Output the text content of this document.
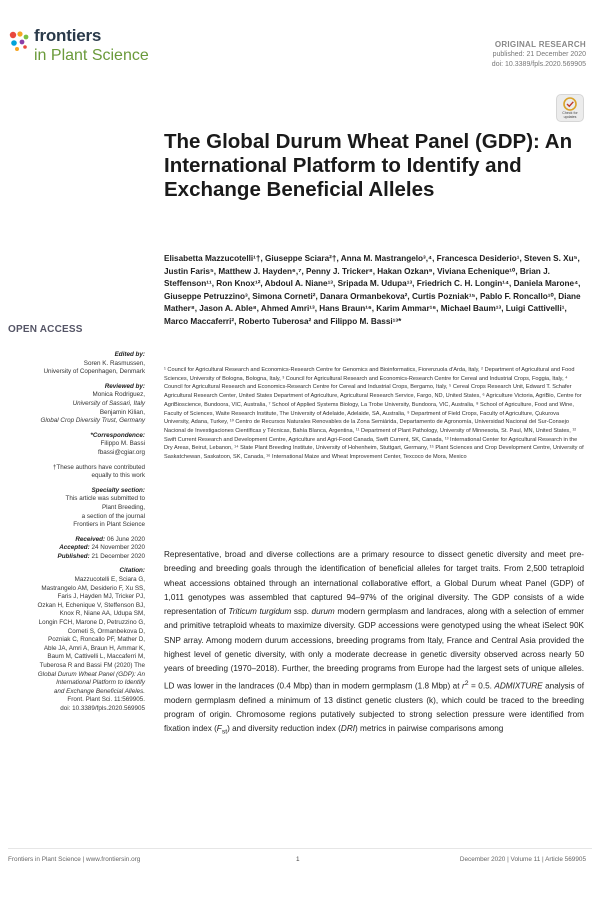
frontiers
in Plant Science
ORIGINAL RESEARCH
published: 21 December 2020
doi: 10.3389/fpls.2020.569905
Check for updates
The Global Durum Wheat Panel (GDP): An International Platform to Identify and Exchange Beneficial Alleles
Elisabetta Mazzucotelli¹†, Giuseppe Sciara²†, Anna M. Mastrangelo³,⁴, Francesca Desiderio¹, Steven S. Xu⁵, Justin Faris⁵, Matthew J. Hayden⁶,⁷, Penny J. Tricker⁸, Hakan Ozkan⁹, Viviana Echenique¹⁰, Brian J. Steffenson¹¹, Ron Knox¹², Abdoul A. Niane¹³, Sripada M. Udupa¹³, Friedrich C. H. Longin¹⁴, Daniela Marone⁴, Giuseppe Petruzzino³, Simona Corneti², Danara Ormanbekova², Curtis Pozniak¹⁵, Pablo F. Roncallo¹⁰, Diane Mather⁸, Jason A. Able⁸, Ahmed Amri¹³, Hans Braun¹⁶, Karim Ammar¹⁶, Michael Baum¹³, Luigi Cattivelli¹, Marco Maccaferri², Roberto Tuberosa² and Filippo M. Bassi¹³*
¹ Council for Agricultural Research and Economics-Research Centre for Genomics and Bioinformatics, Fiorenzuola d'Arda, Italy, ² Department of Agricultural and Food Sciences, University of Bologna, Bologna, Italy, ³ Council for Agricultural Research and Economics-Research Centre for Cereal and Industrial Crops, Foggia, Italy, ⁴ Council for Agricultural Research and Economics-Research Centre for Cereal and Industrial Crops, Bergamo, Italy, ⁵ Cereal Crops Research Unit, Edward T. Schafer Agricultural Research Center, United States Department of Agriculture, Agricultural Research Service, Fargo, ND, United States, ⁶ Agriculture Victoria, AgriBio, Centre for AgriBioscience, Bundoora, VIC, Australia, ⁷ School of Applied Systems Biology, La Trobe University, Bundoora, VIC, Australia, ⁸ School of Agriculture, Food and Wine, Faculty of Sciences, Waite Research Institute, The University of Adelaide, Adelaide, SA, Australia, ⁹ Department of Field Crops, Faculty of Agriculture, Çukurova University, Adana, Turkey, ¹⁰ Centro de Recursos Naturales Renovables de la Zona Semiárida, Departamento de Agronomía, Universidad Nacional del Sur-Consejo Nacional de Investigaciones Científicas y Técnicas, Bahía Blanca, Argentina, ¹¹ Department of Plant Pathology, University of Minnesota, St. Paul, MN, United States, ¹² Swift Current Research and Development Centre, Agriculture and Agri-Food Canada, Swift Current, SK, Canada, ¹³ International Center for Agricultural Research in the Dry Areas, Beirut, Lebanon, ¹⁴ State Plant Breeding Institute, University of Hohenheim, Stuttgart, Germany, ¹⁵ Plant Sciences and Crop Development Centre, University of Saskatchewan, Saskatoon, SK, Canada, ¹⁶ International Maize and Wheat Improvement Center, Texcoco de Mora, Mexico
OPEN ACCESS
Edited by:
Soren K. Rasmussen,
University of Copenhagen, Denmark
Reviewed by:
Monica Rodriguez,
University of Sassari, Italy
Benjamin Kilian,
Global Crop Diversity Trust, Germany
*Correspondence:
Filippo M. Bassi
fbassi@cgiar.org
†These authors have contributed
equally to this work
Specialty section:
This article was submitted to
Plant Breeding,
a section of the journal
Frontiers in Plant Science
Received: 06 June 2020
Accepted: 24 November 2020
Published: 21 December 2020
Citation:
Mazzucotelli E, Sciara G,
Mastrangelo AM, Desiderio F, Xu SS,
Faris J, Hayden MJ, Tricker PJ,
Ozkan H, Echenique V, Steffenson BJ,
Knox R, Niane AA, Udupa SM,
Longin FCH, Marone D, Petruzzino G,
Corneti S, Ormanbekova D,
Pozniak C, Roncallo PF, Mather D,
Able JA, Amri A, Braun H, Ammar K,
Baum M, Cattivelli L, Maccaferri M,
Tuberosa R and Bassi FM (2020) The
Global Durum Wheat Panel (GDP): An
International Platform to Identify
and Exchange Beneficial Alleles.
Front. Plant Sci. 11:569905.
doi: 10.3389/fpls.2020.569905

Representative, broad and diverse collections are a primary resource to dissect genetic diversity and meet pre-breeding and breeding goals through the identification of beneficial alleles for target traits. From 2,500 tetraploid wheat accessions obtained through an international collaborative effort, a Global Durum wheat Panel (GDP) of 1,011 genotypes was assembled that captured 94–97% of the original diversity. The GDP consists of a wide representation of Triticum turgidum ssp. durum modern germplasm and landraces, along with a selection of emmer and primitive tetraploid wheats to maximize diversity. GDP accessions were genotyped using the wheat iSelect 90K SNP array. Among modern durum accessions, breeding programs from Italy, France and Central Asia provided the highest level of genetic diversity, with only a moderate decrease in genetic diversity observed across nearly 50 years of breeding (1970–2018). Further, the breeding programs from Europe had the largest sets of unique alleles. LD was lower in the landraces (0.4 Mbp) than in modern germplasm (1.8 Mbp) at $r^2 = 0.5$. ADMIXTURE analysis of modern germplasm defined a minimum of 13 distinct genetic clusters (k), which could be traced to the breeding program of origin. Chromosome regions putatively subjected to strong selection pressure were identified from fixation index $(F_{st})$ and diversity reduction index (DRI) metrics in pairwise comparisons among

Frontiers in Plant Science | www.frontiersin.org	1	December 2020 | Volume 11 | Article 569905
